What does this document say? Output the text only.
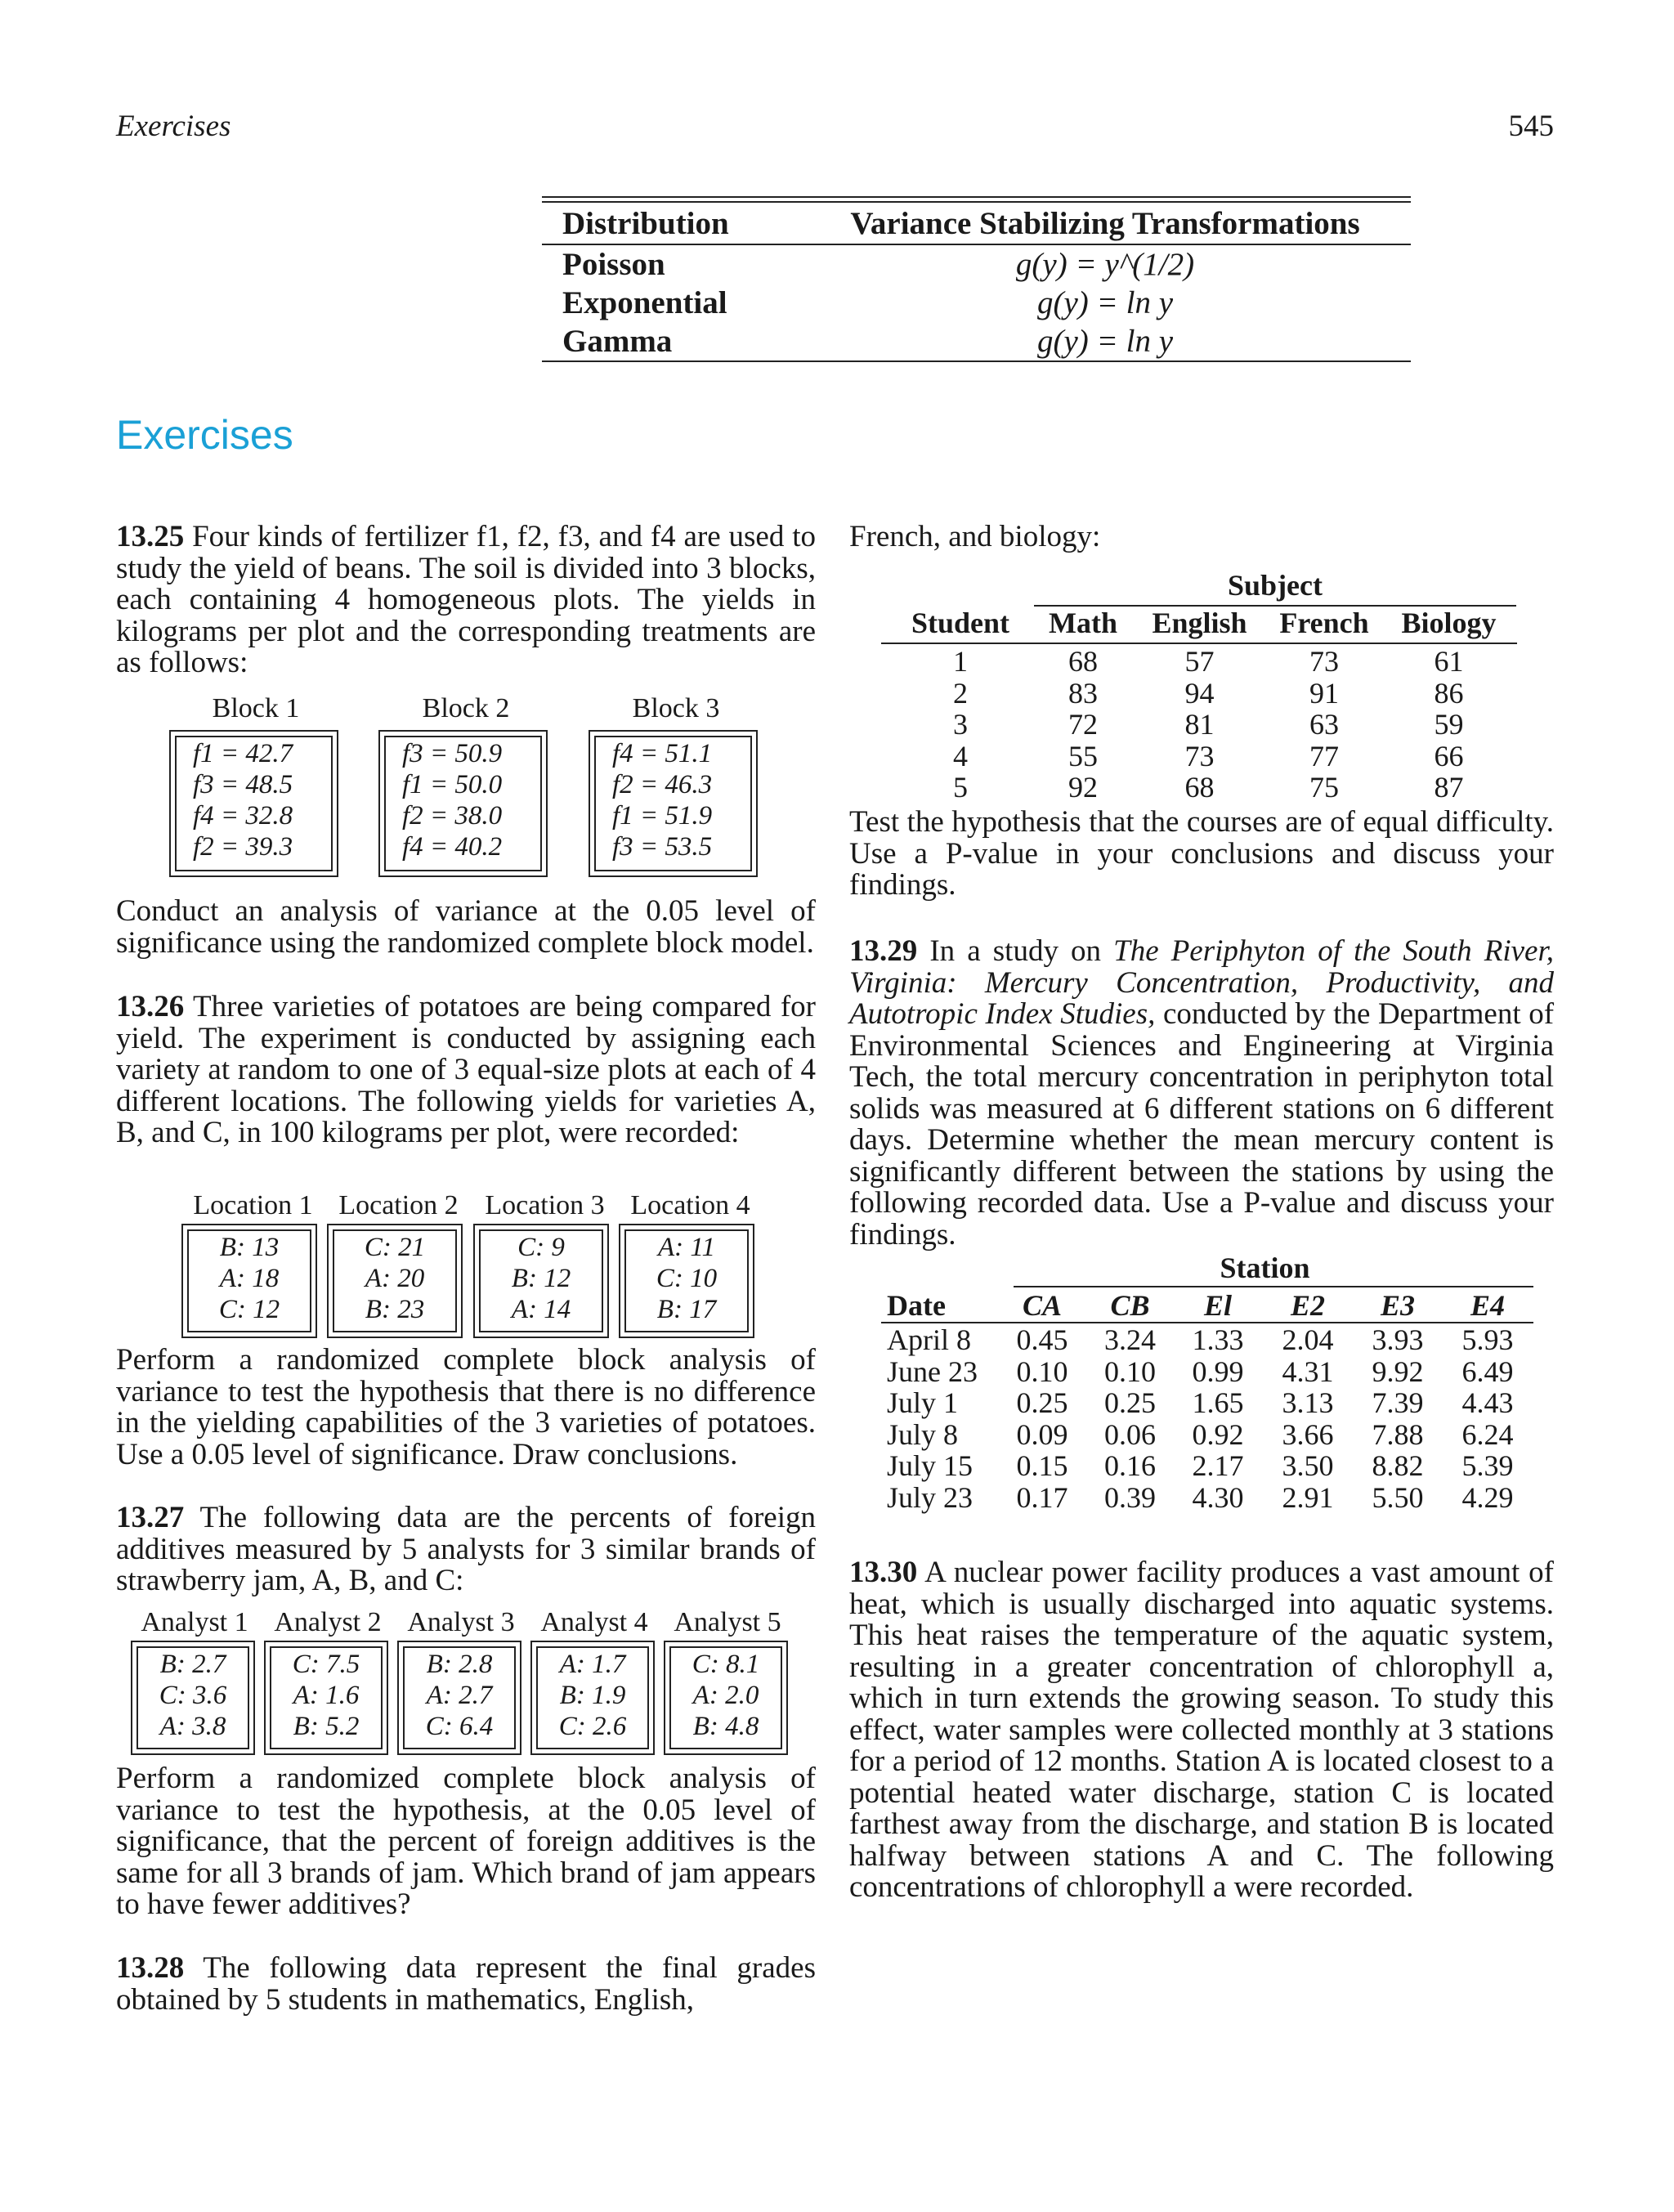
Exercises	545
Distribution	Variance Stabilizing Transformations
Poisson	g(y) = y^(1/2)
Exponential	g(y) = ln y
Gamma	g(y) = ln y
Exercises
13.25 Four kinds of fertilizer f1, f2, f3, and f4 are used to study the yield of beans. The soil is divided into 3 blocks, each containing 4 homogeneous plots. The yields in kilograms per plot and the corresponding treatments are as follows:
Block 1	Block 2	Block 3
f1 = 42.7
f3 = 48.5
f4 = 32.8
f2 = 39.3
f3 = 50.9
f1 = 50.0
f2 = 38.0
f4 = 40.2
f4 = 51.1
f2 = 46.3
f1 = 51.9
f3 = 53.5
Conduct an analysis of variance at the 0.05 level of significance using the randomized complete block model.
13.26 Three varieties of potatoes are being compared for yield. The experiment is conducted by assigning each variety at random to one of 3 equal-size plots at each of 4 different locations. The following yields for varieties A, B, and C, in 100 kilograms per plot, were recorded:
Location 1 Location 2 Location 3 Location 4
B: 13
A: 18
C: 12
C: 21
A: 20
B: 23
C: 9
B: 12
A: 14
A: 11
C: 10
B: 17
Perform a randomized complete block analysis of variance to test the hypothesis that there is no difference in the yielding capabilities of the 3 varieties of potatoes. Use a 0.05 level of significance. Draw conclusions.
13.27 The following data are the percents of foreign additives measured by 5 analysts for 3 similar brands of strawberry jam, A, B, and C:
Analyst 1 Analyst 2 Analyst 3 Analyst 4 Analyst 5
B: 2.7
C: 3.6
A: 3.8
C: 7.5
A: 1.6
B: 5.2
B: 2.8
A: 2.7
C: 6.4
A: 1.7
B: 1.9
C: 2.6
C: 8.1
A: 2.0
B: 4.8
Perform a randomized complete block analysis of variance to test the hypothesis, at the 0.05 level of significance, that the percent of foreign additives is the same for all 3 brands of jam. Which brand of jam appears to have fewer additives?
13.28 The following data represent the final grades obtained by 5 students in mathematics, English,
French, and biology:
Subject
Student	Math	English	French	Biology
1	68	57	73	61
2	83	94	91	86
3	72	81	63	59
4	55	73	77	66
5	92	68	75	87
Test the hypothesis that the courses are of equal difficulty. Use a P-value in your conclusions and discuss your findings.
13.29 In a study on The Periphyton of the South River, Virginia: Mercury Concentration, Productivity, and Autotropic Index Studies, conducted by the Department of Environmental Sciences and Engineering at Virginia Tech, the total mercury concentration in periphyton total solids was measured at 6 different stations on 6 different days. Determine whether the mean mercury content is significantly different between the stations by using the following recorded data. Use a P-value and discuss your findings.
Station
Date	CA	CB	El	E2	E3	E4
April 8	0.45	3.24	1.33	2.04	3.93	5.93
June 23	0.10	0.10	0.99	4.31	9.92	6.49
July 1	0.25	0.25	1.65	3.13	7.39	4.43
July 8	0.09	0.06	0.92	3.66	7.88	6.24
July 15	0.15	0.16	2.17	3.50	8.82	5.39
July 23	0.17	0.39	4.30	2.91	5.50	4.29
13.30 A nuclear power facility produces a vast amount of heat, which is usually discharged into aquatic systems. This heat raises the temperature of the aquatic system, resulting in a greater concentration of chlorophyll a, which in turn extends the growing season. To study this effect, water samples were collected monthly at 3 stations for a period of 12 months. Station A is located closest to a potential heated water discharge, station C is located farthest away from the discharge, and station B is located halfway between stations A and C. The following concentrations of chlorophyll a were recorded.
